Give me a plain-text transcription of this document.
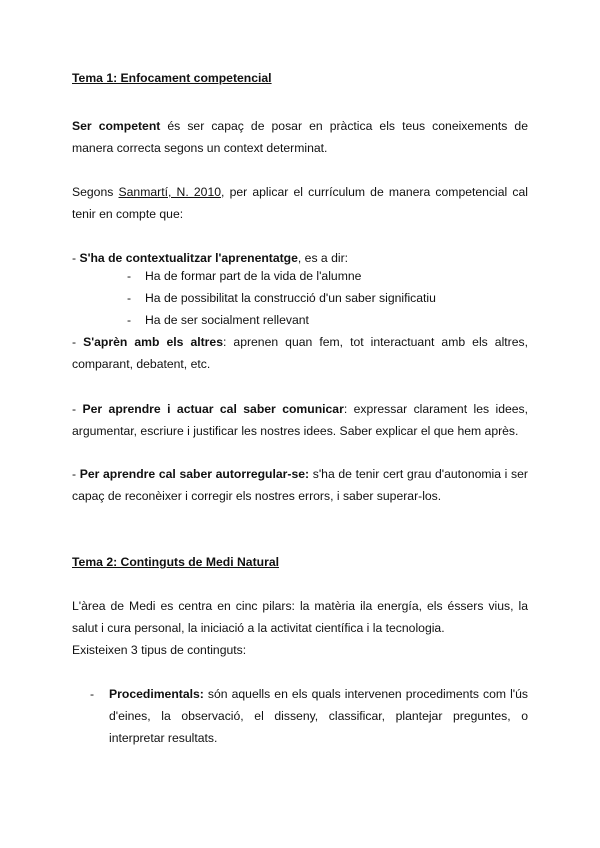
Tema 1: Enfocament competencial

Ser competent és ser capaç de posar en pràctica els teus coneixements de manera correcta segons un context determinat.

Segons Sanmartí, N. 2010, per aplicar el currículum de manera competencial cal tenir en compte que:

- S'ha de contextualitzar l'aprenentatge, es a dir:

- Ha de formar part de la vida de l'alumne
- Ha de possibilitat la construcció d'un saber significatiu
- Ha de ser socialment rellevant

- S'aprèn amb els altres: aprenen quan fem, tot interactuant amb els altres, comparant, debatent, etc.

- Per aprendre i actuar cal saber comunicar: expressar clarament les idees, argumentar, escriure i justificar les nostres idees. Saber explicar el que hem après.

- Per aprendre cal saber autorregular-se: s'ha de tenir cert grau d'autonomia i ser capaç de reconèixer i corregir els nostres errors, i saber superar-los.

Tema 2: Continguts de Medi Natural

L'àrea de Medi es centra en cinc pilars: la matèria ila energía, els éssers vius, la salut i cura personal, la iniciació a la activitat científica i la tecnologia.

Existeixen 3 tipus de continguts:

- Procedimentals: són aquells en els quals intervenen procediments com l'ús d'eines, la observació, el disseny, classificar, plantejar preguntes, o interpretar resultats.
